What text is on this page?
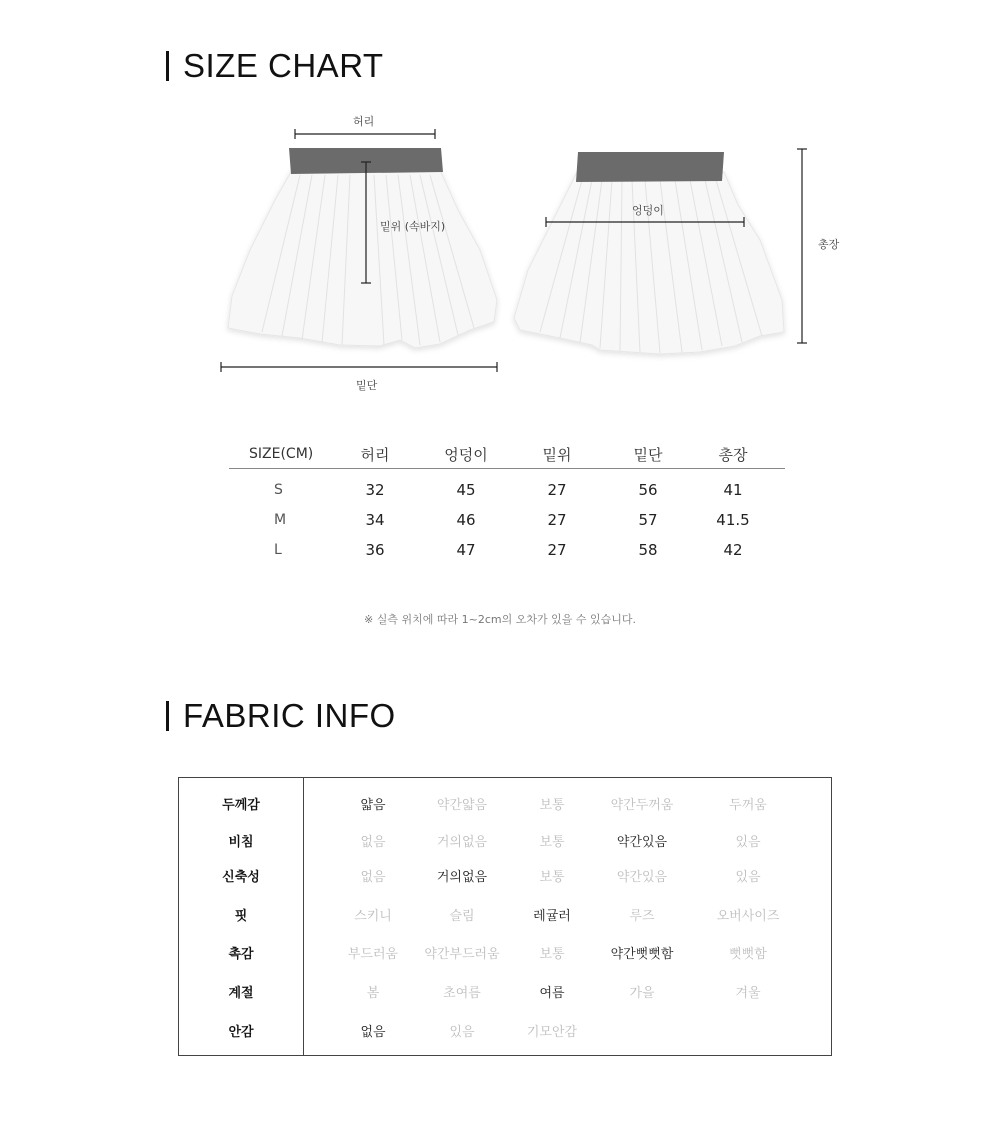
SIZE CHART
허리
밑위 (속바지)
밑단
엉덩이
총장
SIZE(CM)	허리	엉덩이	밑위	밑단	총장
S	32	45	27	56	41
M	34	46	27	57	41.5
L	36	47	27	58	42
※ 실측 위치에 따라 1~2cm의 오차가 있을 수 있습니다.
FABRIC INFO
두께감	얇음	약간얇음	보통	약간두꺼움	두꺼움
비침	없음	거의없음	보통	약간있음	있음
신축성	없음	거의없음	보통	약간있음	있음
핏	스키니	슬림	레귤러	루즈	오버사이즈
촉감	부드러움	약간부드러움	보통	약간뻣뻣함	뻣뻣함
계절	봄	초여름	여름	가을	겨울
안감	없음	있음	기모안감
